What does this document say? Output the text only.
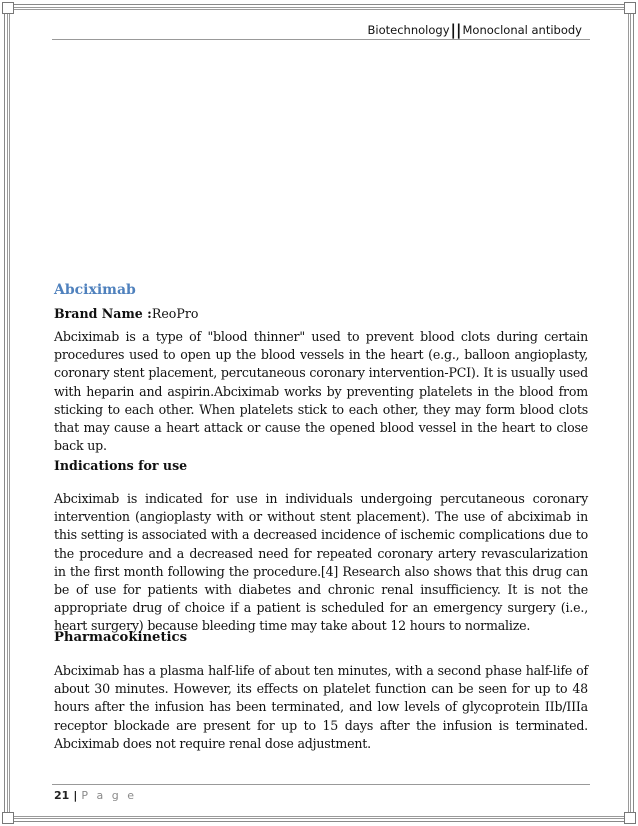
Biotechnology||Monoclonal antibody
Abciximab

Brand Name :ReoPro

Abciximab is a type of "blood thinner" used to prevent blood clots during certain procedures used to open up the blood vessels in the heart (e.g., balloon angioplasty, coronary stent placement, percutaneous coronary intervention-PCI). It is usually used with heparin and aspirin.Abciximab works by preventing platelets in the blood from sticking to each other. When platelets stick to each other, they may form blood clots that may cause a heart attack or cause the opened blood vessel in the heart to close back up.

Indications for use

Abciximab is indicated for use in individuals undergoing percutaneous coronary intervention (angioplasty with or without stent placement). The use of abciximab in this setting is associated with a decreased incidence of ischemic complications due to the procedure and a decreased need for repeated coronary artery revascularization in the first month following the procedure.[4] Research also shows that this drug can be of use for patients with diabetes and chronic renal insufficiency. It is not the appropriate drug of choice if a patient is scheduled for an emergency surgery (i.e., heart surgery) because bleeding time may take about 12 hours to normalize.

Pharmacokinetics

Abciximab has a plasma half-life of about ten minutes, with a second phase half-life of about 30 minutes. However, its effects on platelet function can be seen for up to 48 hours after the infusion has been terminated, and low levels of glycoprotein IIb/IIIa receptor blockade are present for up to 15 days after the infusion is terminated. Abciximab does not require renal dose adjustment.

21 | P a g e
